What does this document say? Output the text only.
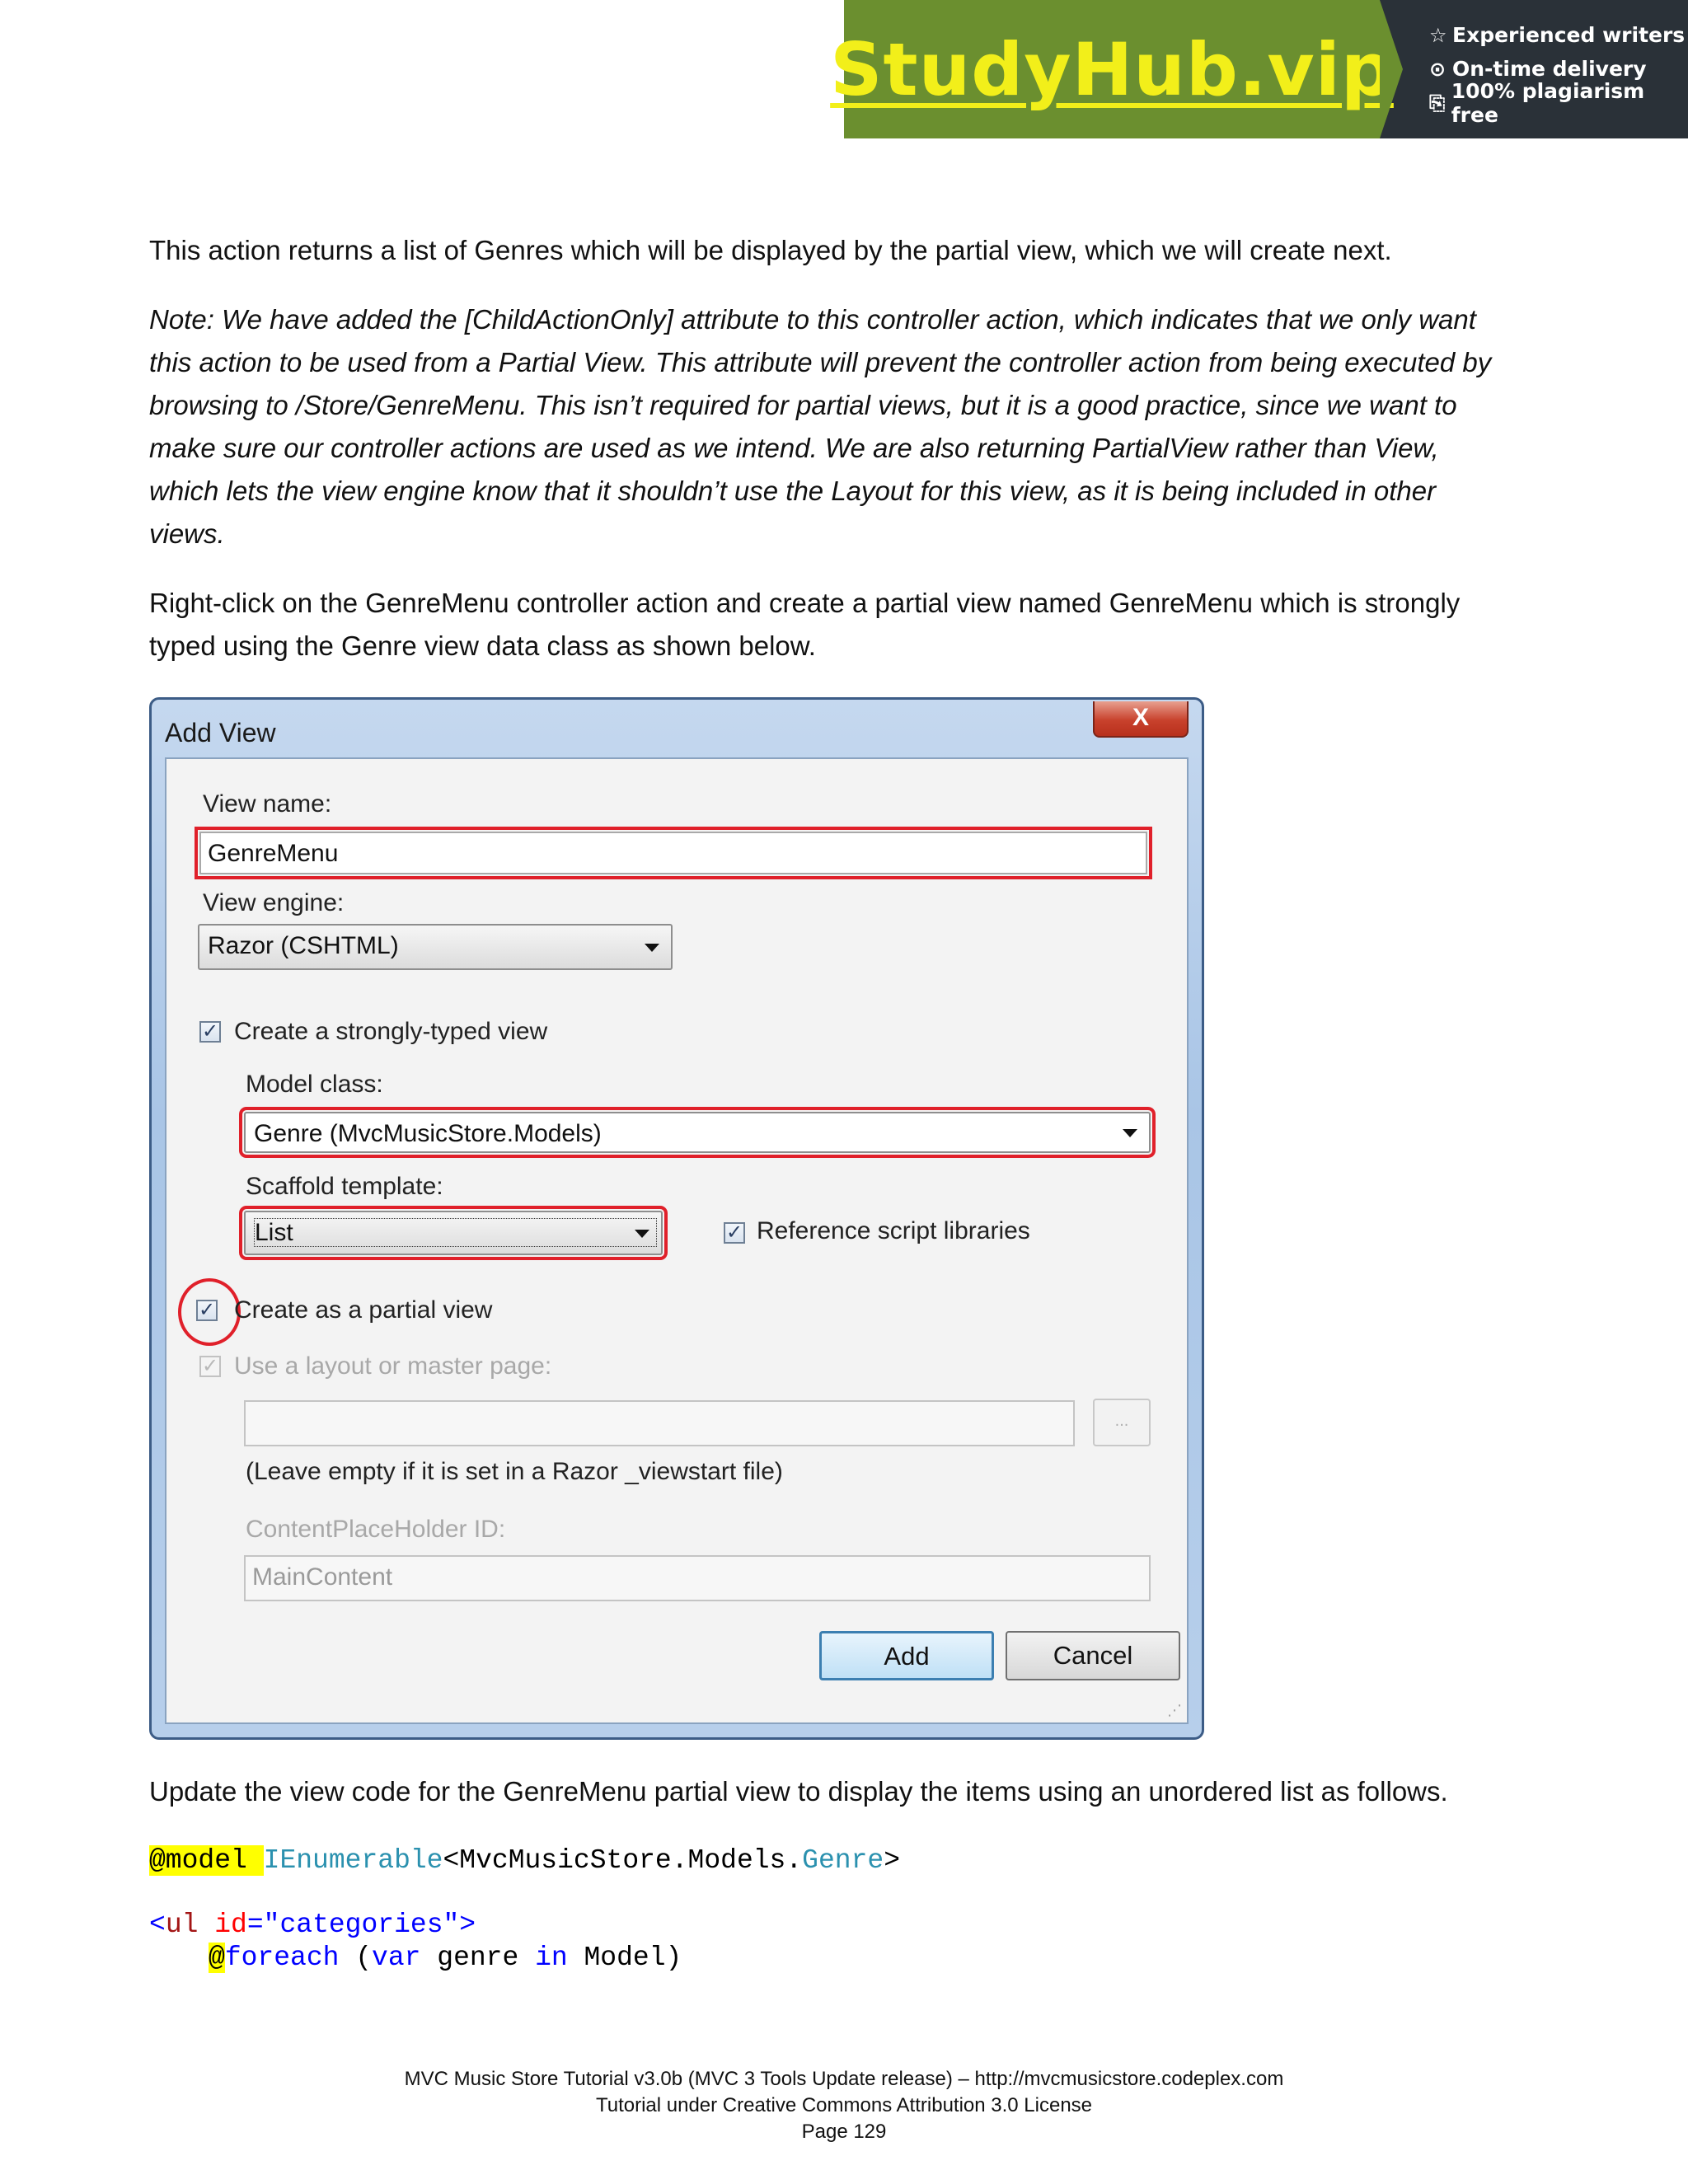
StudyHub.vip ☆ Experienced writers
⊙ On-time delivery
⎘ 100% plagiarism free
This action returns a list of Genres which will be displayed by the partial view, which we will create next.
Note: We have added the [ChildActionOnly] attribute to this controller action, which indicates that we only want
this action to be used from a Partial View. This attribute will prevent the controller action from being executed by
browsing to /Store/GenreMenu. This isn’t required for partial views, but it is a good practice, since we want to
make sure our controller actions are used as we intend. We are also returning PartialView rather than View,
which lets the view engine know that it shouldn’t use the Layout for this view, as it is being included in other
views.
Right-click on the GenreMenu controller action and create a partial view named GenreMenu which is strongly
typed using the Genre view data class as shown below.
Add View
X
View name:
GenreMenu
View engine:
Razor (CSHTML)
✓ Create a strongly-typed view
Model class:
Genre (MvcMusicStore.Models)
Scaffold template:
List	✓ Reference script libraries
✓ Create as a partial view
✓ Use a layout or master page:
...
(Leave empty if it is set in a Razor _viewstart file)
ContentPlaceHolder ID:
MainContent
Add	Cancel
⋰
Update the view code for the GenreMenu partial view to display the items using an unordered list as follows.
@model IEnumerable<MvcMusicStore.Models.Genre>
<ul id="categories">
@foreach (var genre in Model)
MVC Music Store Tutorial v3.0b (MVC 3 Tools Update release) – http://mvcmusicstore.codeplex.com
Tutorial under Creative Commons Attribution 3.0 License
Page 129
